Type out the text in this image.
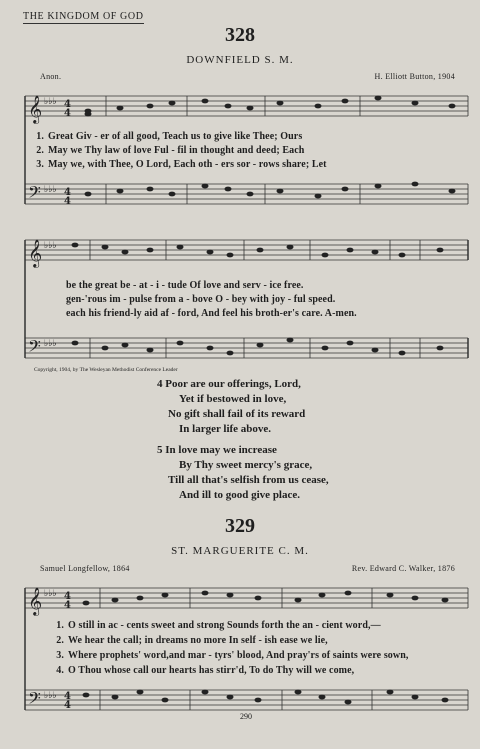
THE KINGDOM OF GOD
328
DOWNFIELD S. M.
Anon.	H. Elliott Button, 1904
𝄞
𝄢
♭♭♭
♭♭♭
4
4
4
4
1. Great Giv - er of all good, Teach us to give like Thee; Ours
2. May we Thy law of love Ful - fil in thought and deed; Each
3. May we, with Thee, O Lord, Each oth - ers sor - rows share; Let
𝄞
𝄢
♭♭♭
♭♭♭
be the great be - at - i - tude Of love and serv - ice free.
gen-'rous im - pulse from a - bove O - bey with joy - ful speed.
each his friend-ly aid af - ford, And feel his broth-er's care. A-men.
Copyright, 1904, by The Wesleyan Methodist Conference Leader
4 Poor are our offerings, Lord,
Yet if bestowed in love,
No gift shall fail of its reward
In larger life above.
5 In love may we increase
By Thy sweet mercy's grace,
Till all that's selfish from us cease,
And ill to good give place.
329
ST. MARGUERITE C. M.
Samuel Longfellow, 1864	Rev. Edward C. Walker, 1876
𝄞
𝄢
♭♭♭
♭♭♭
4
4
4
4
1. O still in ac - cents sweet and strong Sounds forth the an - cient word,—
2. We hear the call; in dreams no more In self - ish ease we lie,
3. Where prophets' word,and mar - tyrs' blood, And pray'rs of saints were sown,
4. O Thou whose call our hearts has stirr'd, To do Thy will we come,
290
